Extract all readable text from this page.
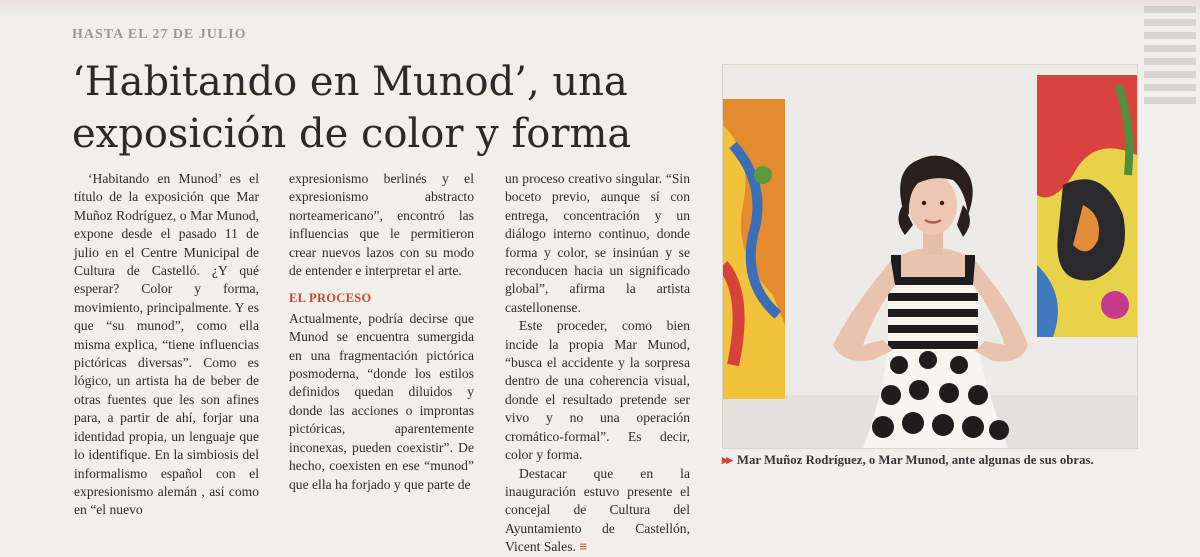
HASTA EL 27 DE JULIO
‘Habitando en Munod’, una exposición de color y forma

‘Habitando en Munod’ es el título de la exposición que Mar Muñoz Rodríguez, o Mar Munod, expone desde el pasado 11 de julio en el Centre Municipal de Cultura de Castelló. ¿Y qué esperar? Color y forma, movimiento, principalmente. Y es que “su munod”, como ella misma explica, “tiene influencias pictóricas diversas”. Como es lógico, un artista ha de beber de otras fuentes que les son afines para, a partir de ahí, forjar una identidad propia, un lenguaje que lo identifique. En la simbiosis del informalismo español con el expresionismo alemán , así como en “el nuevo

expresionismo berlinés y el expresionismo abstracto norteamericano”, encontró las influencias que le permitieron crear nuevos lazos con su modo de entender e interpretar el arte.

EL PROCESO

Actualmente, podría decirse que Munod se encuentra sumergida en una fragmentación pictórica posmoderna, “donde los estilos definidos quedan diluidos y donde las acciones o improntas pictóricas, aparentemente inconexas, pueden coexistir”. De hecho, coexisten en ese “munod” que ella ha forjado y que parte de

un proceso creativo singular. “Sin boceto previo, aunque sí con entrega, concentración y un diálogo interno continuo, donde forma y color, se insinúan y se reconducen hacia un significado global”, afirma la artista castellonense.

Este proceder, como bien incide la propia Mar Munod, “busca el accidente y la sorpresa dentro de una coherencia visual, donde el resultado pretende ser vivo y no una operación cromático-formal”. Es decir, color y forma.

Destacar que en la inauguración estuvo presente el concejal de Cultura del Ayuntamiento de Castellón, Vicent Sales. ≡

▸▸ Mar Muñoz Rodríguez, o Mar Munod, ante algunas de sus obras.
